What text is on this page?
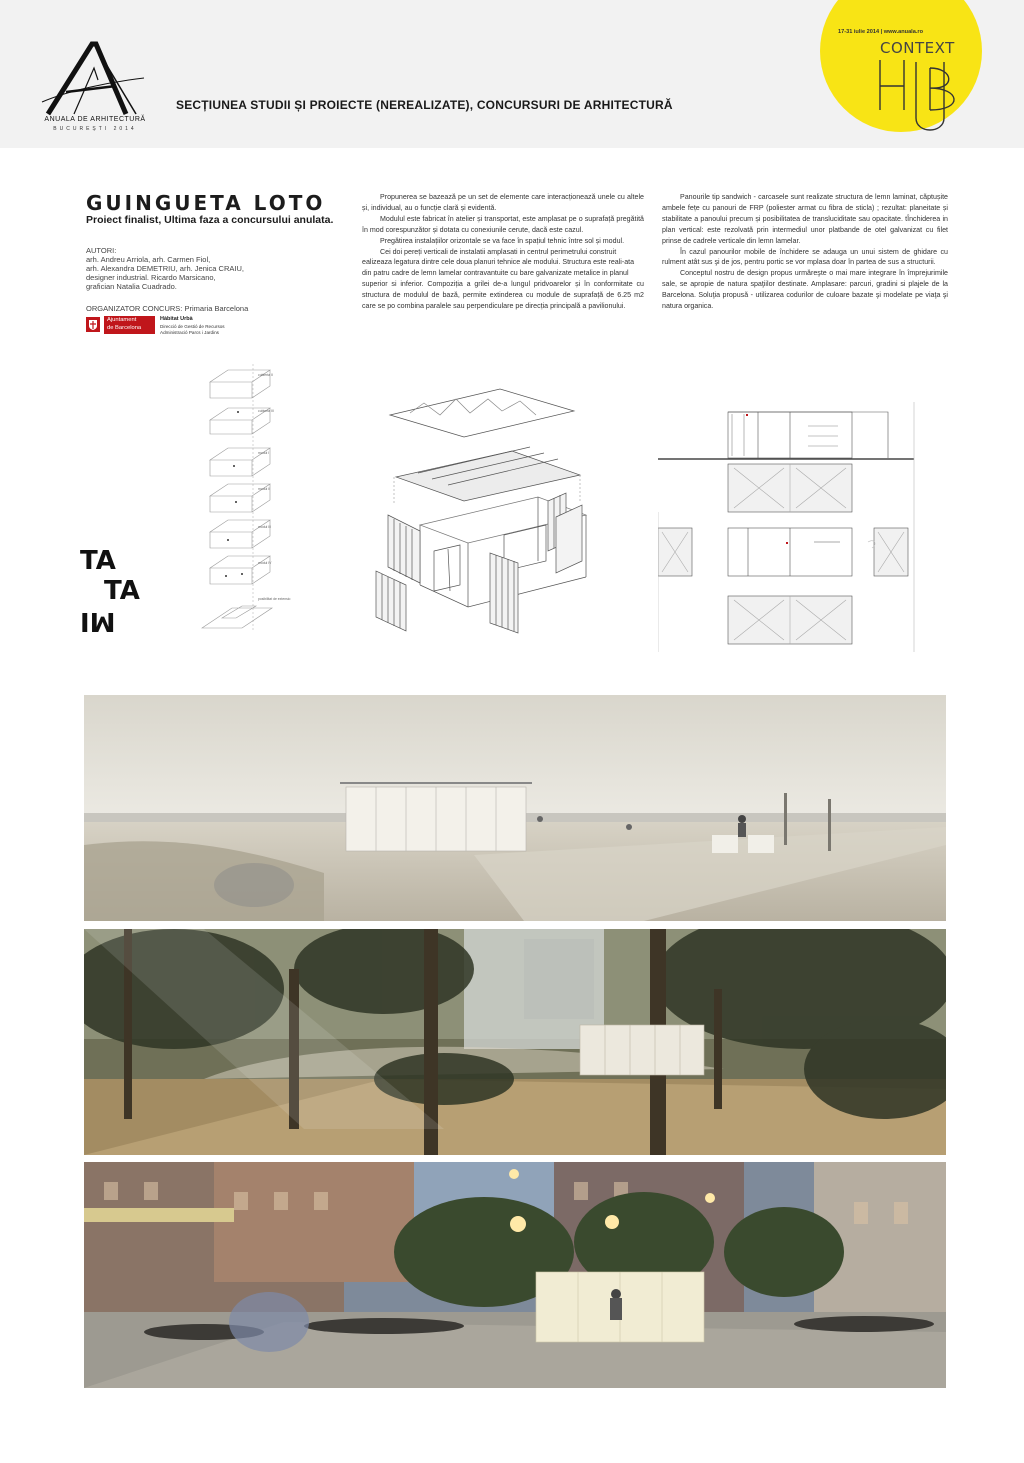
ANUALA DE ARHITECTURĂ
BUCUREȘTI 2014
SECȚIUNEA STUDII ȘI PROIECTE (NEREALIZATE), CONCURSURI DE ARHITECTURĂ
17-31 iulie 2014 | www.anuala.ro
CONTEXT
HUB
GUINGUETA LOTO
Proiect finalist, Ultima faza a concursului anulata.
AUTORI:
arh. Andreu Arriola, arh. Carmen Fiol,
arh. Alexandra DEMETRIU, arh. Jenica CRAIU,
designer industrial. Ricardo Marsicano,
grafician Natalia Cuadrado.
ORGANIZATOR CONCURS: Primaria Barcelona
Ajuntament
de Barcelona
Hàbitat Urbà
Direcció de Gestió de Recursos
Administració Parcs i Jardins

Propunerea se bazează pe un set de elemente care interacționează unele cu altele și, individual, au o funcție clară și evidentă.

Modulul este fabricat în atelier și transportat, este amplasat pe o suprafață pregătită în mod corespunzător și dotata cu conexiunile cerute, dacă este cazul.

Pregătirea instalațiilor orizontale se va face în spațiul tehnic între sol și modul.

Cei doi pereți verticali de instalatii amplasati in centrul perimetrului construit ealizeaza legatura dintre cele doua planuri tehnice ale modului. Structura este reali-ata din patru cadre de lemn lamelar contravantuite cu bare galvanizate metalice in planul

superior si inferior. Compoziția a grilei de-a lungul pridvoarelor și în conformitate cu structura de modulul de bază, permite extinderea cu module de suprafață de 6.25 m2 care se po combina paralele sau perpendiculare pe direcția principală a pavilionului.

Panourile tip sandwich - carcasele sunt realizate structura de lemn laminat, căptușite ambele fețe cu panouri de FRP (poliester armat cu fibra de sticla) ; rezultat: planeitate și stabilitate a panoului precum și posibilitatea de transluciditate sau opacitate. tÎnchiderea in plan vertical: este rezolvată prin intermediul unor platbande de otel galvanizat cu filet prinse de cadrele verticale din lemn lamelar.

În cazul panourilor mobile de închidere se adauga un unui sistem de ghidare cu rulment atât sus şi de jos, pentru portic se vor mplasa doar în partea de sus a structurii.

Conceptul nostru de design propus urmăreşte o mai mare integrare în împrejurimile sale, se apropie de natura spaţiilor destinate. Amplasare: parcuri, gradini si plajele de la Barcelona. Soluţia propusă - utilizarea codurilor de culoare bazate şi modelate pe viaţa şi natura organica.

cubierta II
cubierta III
modul I
modul II
modul III
modul IV
posibilitat de extensio
TA
TA
MI
